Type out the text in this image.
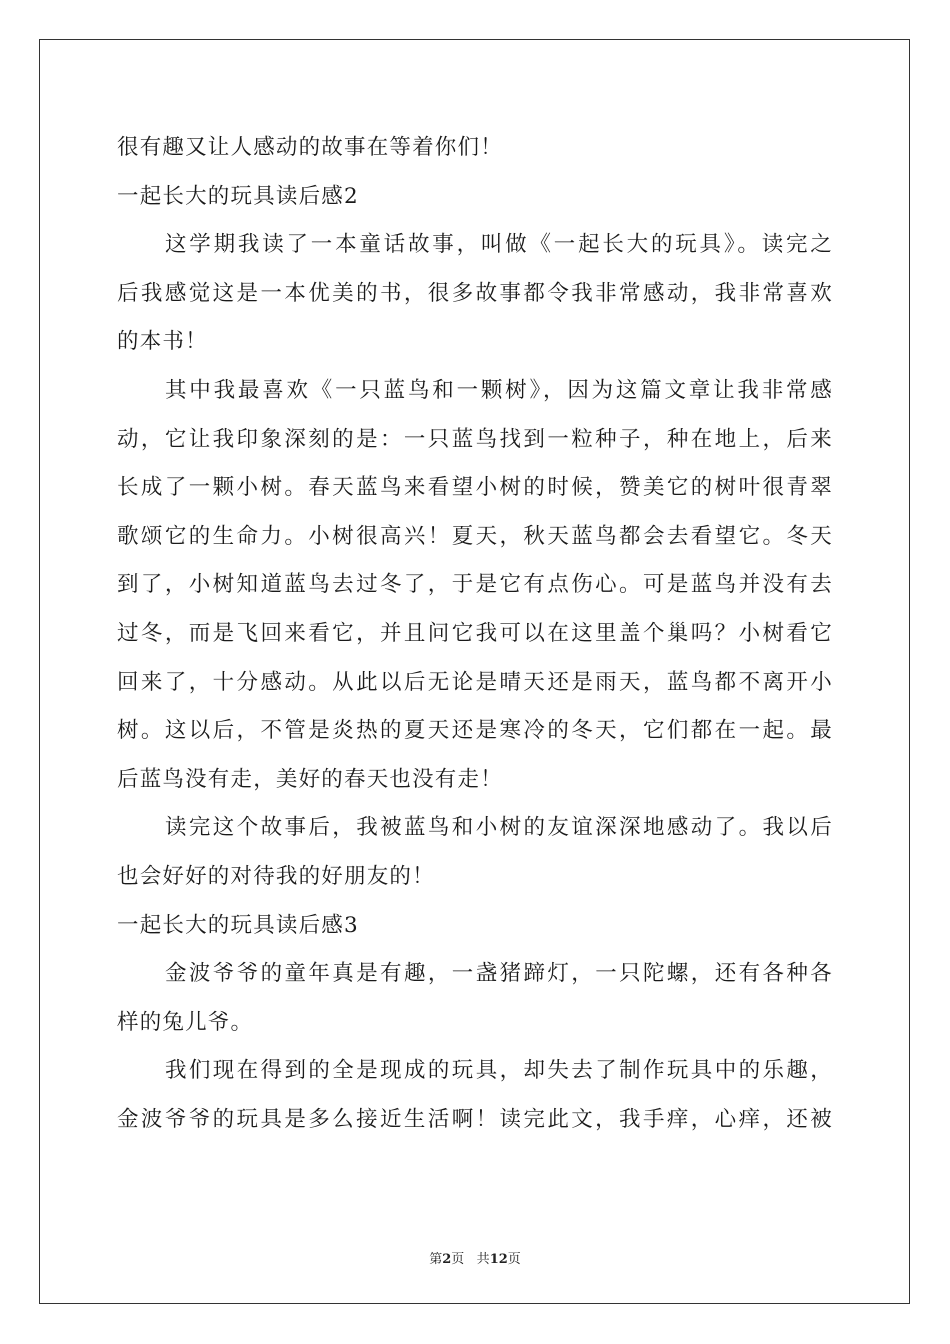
很有趣又让人感动的故事在等着你们！
一起长大的玩具读后感2
这学期我读了一本童话故事，叫做《一起长大的玩具》。读完之
后我感觉这是一本优美的书，很多故事都令我非常感动，我非常喜欢
的本书！
其中我最喜欢《一只蓝鸟和一颗树》，因为这篇文章让我非常感
动，它让我印象深刻的是：一只蓝鸟找到一粒种子，种在地上，后来
长成了一颗小树。春天蓝鸟来看望小树的时候，赞美它的树叶很青翠
歌颂它的生命力。小树很高兴！夏天，秋天蓝鸟都会去看望它。冬天
到了，小树知道蓝鸟去过冬了，于是它有点伤心。可是蓝鸟并没有去
过冬，而是飞回来看它，并且问它我可以在这里盖个巢吗？小树看它
回来了，十分感动。从此以后无论是晴天还是雨天，蓝鸟都不离开小
树。这以后，不管是炎热的夏天还是寒冷的冬天，它们都在一起。最
后蓝鸟没有走，美好的春天也没有走！
读完这个故事后，我被蓝鸟和小树的友谊深深地感动了。我以后
也会好好的对待我的好朋友的！
一起长大的玩具读后感3
金波爷爷的童年真是有趣，一盏猪蹄灯，一只陀螺，还有各种各
样的兔儿爷。
我们现在得到的全是现成的玩具，却失去了制作玩具中的乐趣，
金波爷爷的玩具是多么接近生活啊！读完此文，我手痒，心痒，还被
第2页 共12页
